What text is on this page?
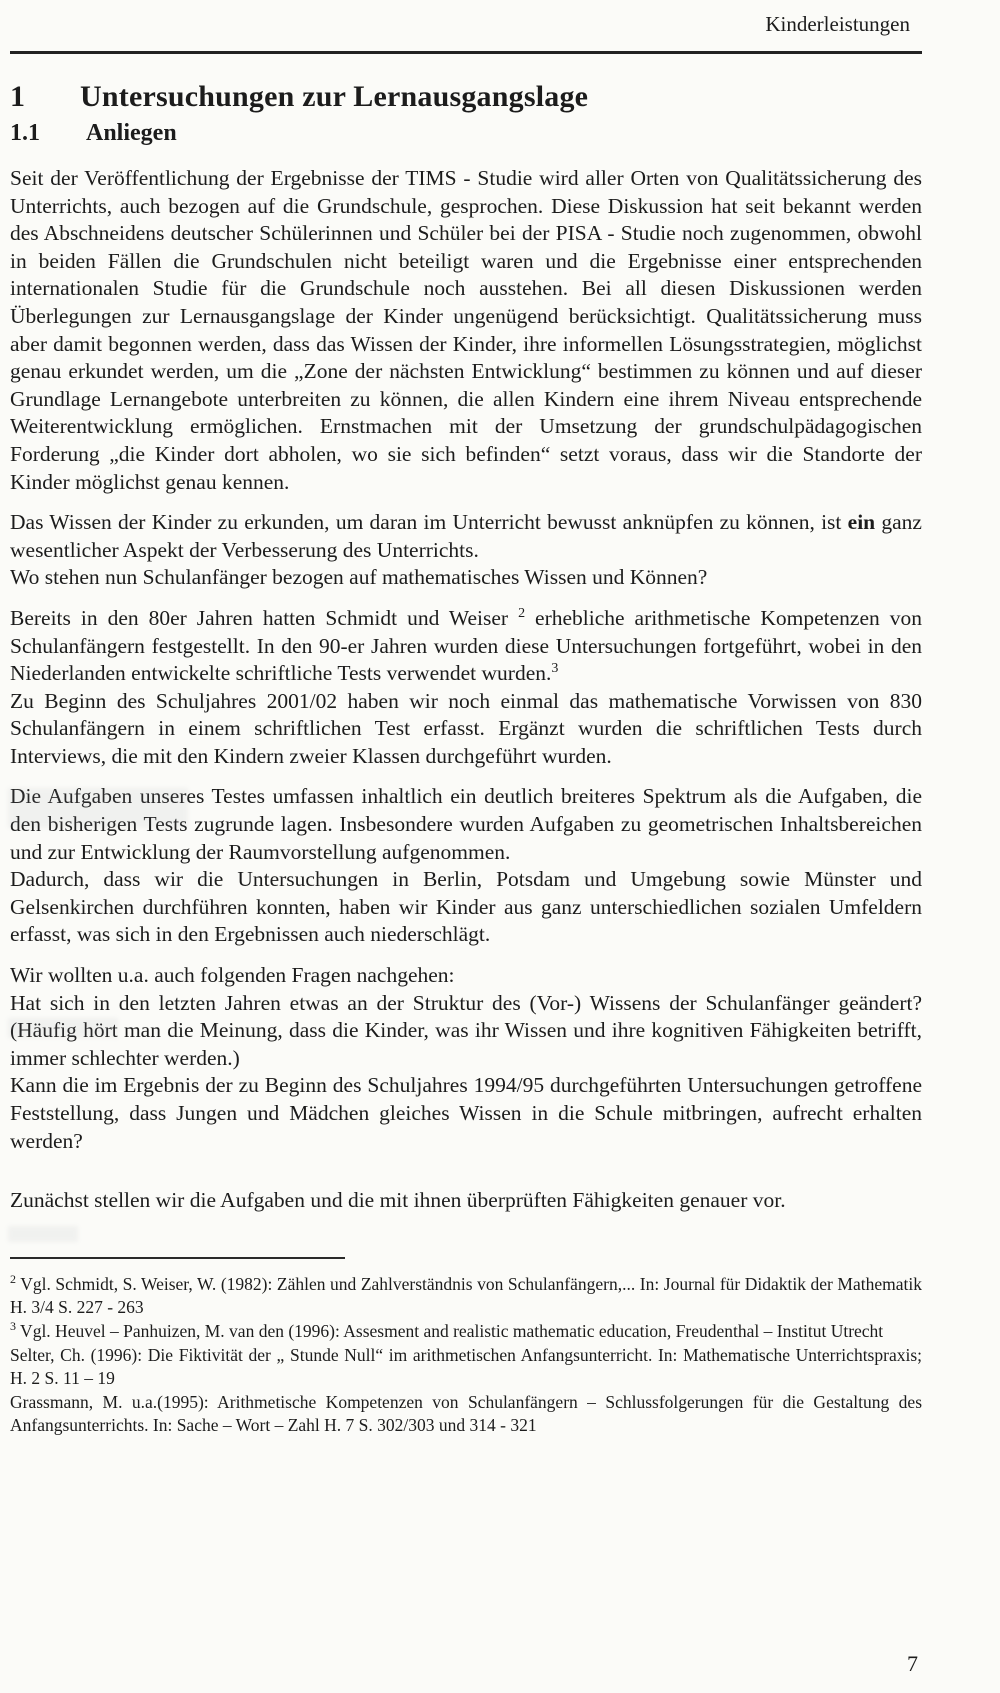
Kinderleistungen
1 Untersuchungen zur Lernausgangslage
1.1 Anliegen

Seit der Veröffentlichung der Ergebnisse der TIMS - Studie wird aller Orten von Qualitätssicherung des Unterrichts, auch bezogen auf die Grundschule, gesprochen. Diese Diskussion hat seit bekannt werden des Abschneidens deutscher Schülerinnen und Schüler bei der PISA - Studie noch zugenommen, obwohl in beiden Fällen die Grundschulen nicht beteiligt waren und die Ergebnisse einer entsprechenden internationalen Studie für die Grundschule noch ausstehen. Bei all diesen Diskussionen werden Überlegungen zur Lernausgangslage der Kinder ungenügend berücksichtigt. Qualitätssicherung muss aber damit begonnen werden, dass das Wissen der Kinder, ihre informellen Lösungsstrategien, möglichst genau erkundet werden, um die „Zone der nächsten Entwicklung“ bestimmen zu können und auf dieser Grundlage Lernangebote unterbreiten zu können, die allen Kindern eine ihrem Niveau entsprechende Weiterentwicklung ermöglichen. Ernstmachen mit der Umsetzung der grundschulpädagogischen Forderung „die Kinder dort abholen, wo sie sich befinden“ setzt voraus, dass wir die Standorte der Kinder möglichst genau kennen.

Das Wissen der Kinder zu erkunden, um daran im Unterricht bewusst anknüpfen zu können, ist ein ganz wesentlicher Aspekt der Verbesserung des Unterrichts.

Wo stehen nun Schulanfänger bezogen auf mathematisches Wissen und Können?

Bereits in den 80er Jahren hatten Schmidt und Weiser $^2$ erhebliche arithmetische Kompetenzen von Schulanfängern festgestellt. In den 90-er Jahren wurden diese Untersuchungen fortgeführt, wobei in den Niederlanden entwickelte schriftliche Tests verwendet wurden.$^3$

Zu Beginn des Schuljahres 2001/02 haben wir noch einmal das mathematische Vorwissen von 830 Schulanfängern in einem schriftlichen Test erfasst. Ergänzt wurden die schriftlichen Tests durch Interviews, die mit den Kindern zweier Klassen durchgeführt wurden.

Die Aufgaben unseres Testes umfassen inhaltlich ein deutlich breiteres Spektrum als die Aufgaben, die den bisherigen Tests zugrunde lagen. Insbesondere wurden Aufgaben zu geometrischen Inhaltsbereichen und zur Entwicklung der Raumvorstellung aufgenommen.

Dadurch, dass wir die Untersuchungen in Berlin, Potsdam und Umgebung sowie Münster und Gelsenkirchen durchführen konnten, haben wir Kinder aus ganz unterschiedlichen sozialen Umfeldern erfasst, was sich in den Ergebnissen auch niederschlägt.

Wir wollten u.a. auch folgenden Fragen nachgehen:

Hat sich in den letzten Jahren etwas an der Struktur des (Vor-) Wissens der Schulanfänger geändert? (Häufig hört man die Meinung, dass die Kinder, was ihr Wissen und ihre kognitiven Fähigkeiten betrifft, immer schlechter werden.)

Kann die im Ergebnis der zu Beginn des Schuljahres 1994/95 durchgeführten Untersuchungen getroffene Feststellung, dass Jungen und Mädchen gleiches Wissen in die Schule mitbringen, aufrecht erhalten werden?

Zunächst stellen wir die Aufgaben und die mit ihnen überprüften Fähigkeiten genauer vor.

$^2$ Vgl. Schmidt, S. Weiser, W. (1982): Zählen und Zahlverständnis von Schulanfängern,... In: Journal für Didaktik der Mathematik H. 3/4 S. 227 - 263

$^3$ Vgl. Heuvel – Panhuizen, M. van den (1996): Assesment and realistic mathematic education, Freudenthal – Institut Utrecht

Selter, Ch. (1996): Die Fiktivität der „ Stunde Null“ im arithmetischen Anfangsunterricht. In: Mathematische Unterrichtspraxis; H. 2 S. 11 – 19

Grassmann, M. u.a.(1995): Arithmetische Kompetenzen von Schulanfängern – Schlussfolgerungen für die Gestaltung des Anfangsunterrichts. In: Sache – Wort – Zahl H. 7 S. 302/303 und 314 - 321

7
